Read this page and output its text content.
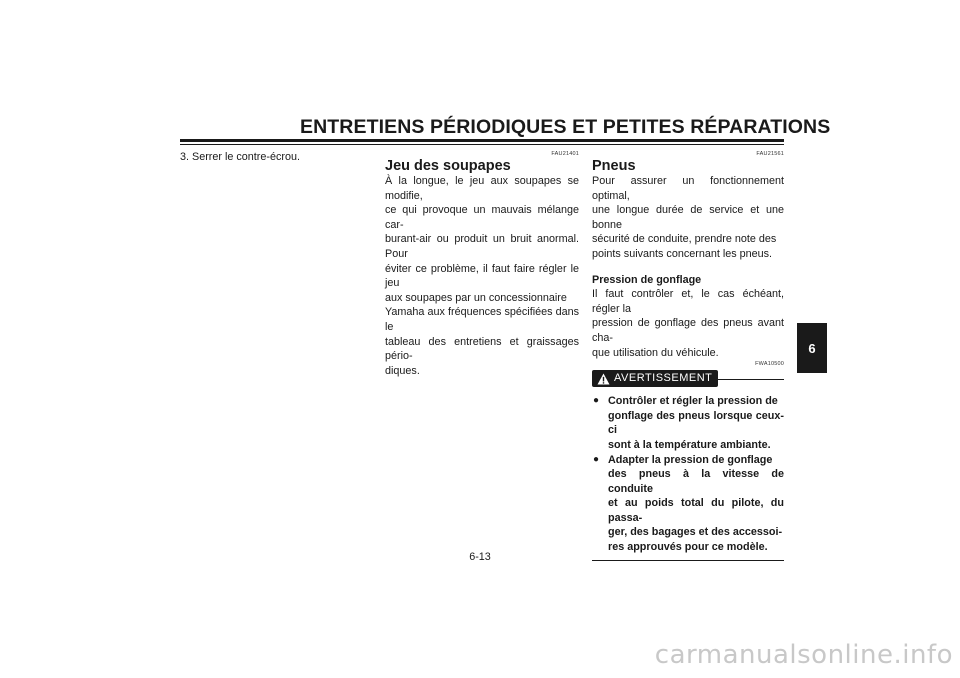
ENTRETIENS PÉRIODIQUES ET PETITES RÉPARATIONS
3. Serrer le contre-écrou.	FAU21401
Jeu des soupapes
À la longue, le jeu aux soupapes se modifie,
ce qui provoque un mauvais mélange car-
burant-air ou produit un bruit anormal. Pour
éviter ce problème, il faut faire régler le jeu
aux soupapes par un concessionnaire
Yamaha aux fréquences spécifiées dans le
tableau des entretiens et graissages pério-
diques.
FAU21561
Pneus
Pour assurer un fonctionnement optimal,
une longue durée de service et une bonne
sécurité de conduite, prendre note des
points suivants concernant les pneus.
Pression de gonflage
Il faut contrôler et, le cas échéant, régler la
pression de gonflage des pneus avant cha-
que utilisation du véhicule.
FWA10500
AVERTISSEMENT
● Contrôler et régler la pression de
gonflage des pneus lorsque ceux-ci
sont à la température ambiante.
● Adapter la pression de gonflage
des pneus à la vitesse de conduite
et au poids total du pilote, du passa-
ger, des bagages et des accessoi-
res approuvés pour ce modèle.
6
6-13
carmanualsonline.info
